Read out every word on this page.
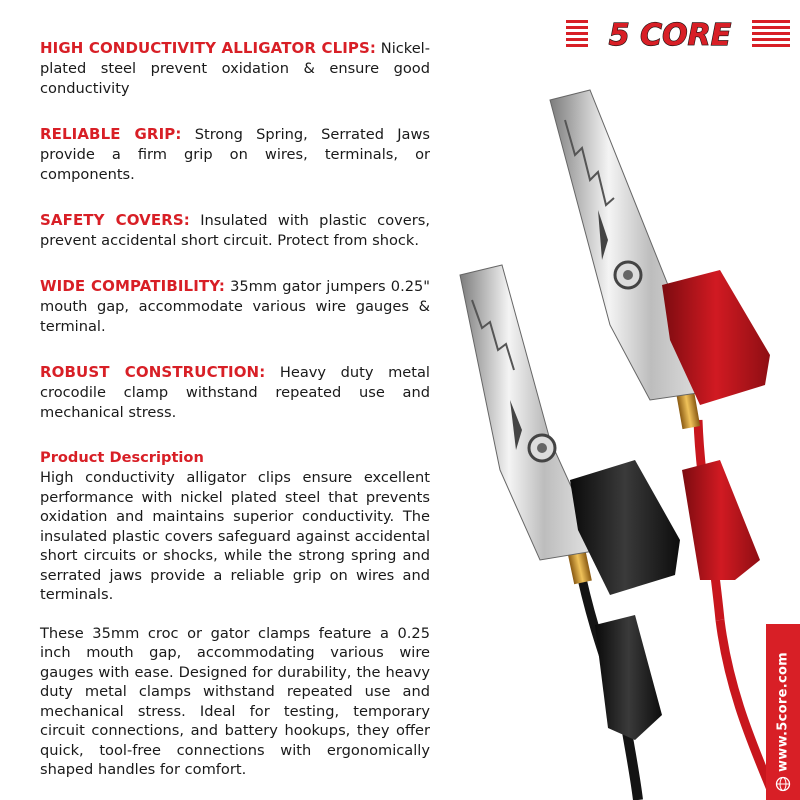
5 CORE

HIGH CONDUCTIVITY ALLIGATOR CLIPS: Nickel-plated steel prevent oxidation & ensure good conductivity

RELIABLE GRIP: Strong Spring, Serrated Jaws provide a firm grip on wires, terminals, or components.

SAFETY COVERS: Insulated with plastic covers, prevent accidental short circuit. Protect from shock.

WIDE COMPATIBILITY: 35mm gator jumpers 0.25" mouth gap, accommodate various wire gauges & terminal.

ROBUST CONSTRUCTION: Heavy duty metal crocodile clamp withstand repeated use and mechanical stress.

Product Description

High conductivity alligator clips ensure excellent performance with nickel plated steel that prevents oxidation and maintains superior conductivity. The insulated plastic covers safeguard against accidental short circuits or shocks, while the strong spring and serrated jaws provide a reliable grip on wires and terminals.

These 35mm croc or gator clamps feature a 0.25 inch mouth gap, accommodating various wire gauges with ease. Designed for durability, the heavy duty metal clamps withstand repeated use and mechanical stress. Ideal for testing, temporary circuit connections, and battery hookups, they offer quick, tool-free connections with ergonomically shaped handles for comfort.	www.5core.com
